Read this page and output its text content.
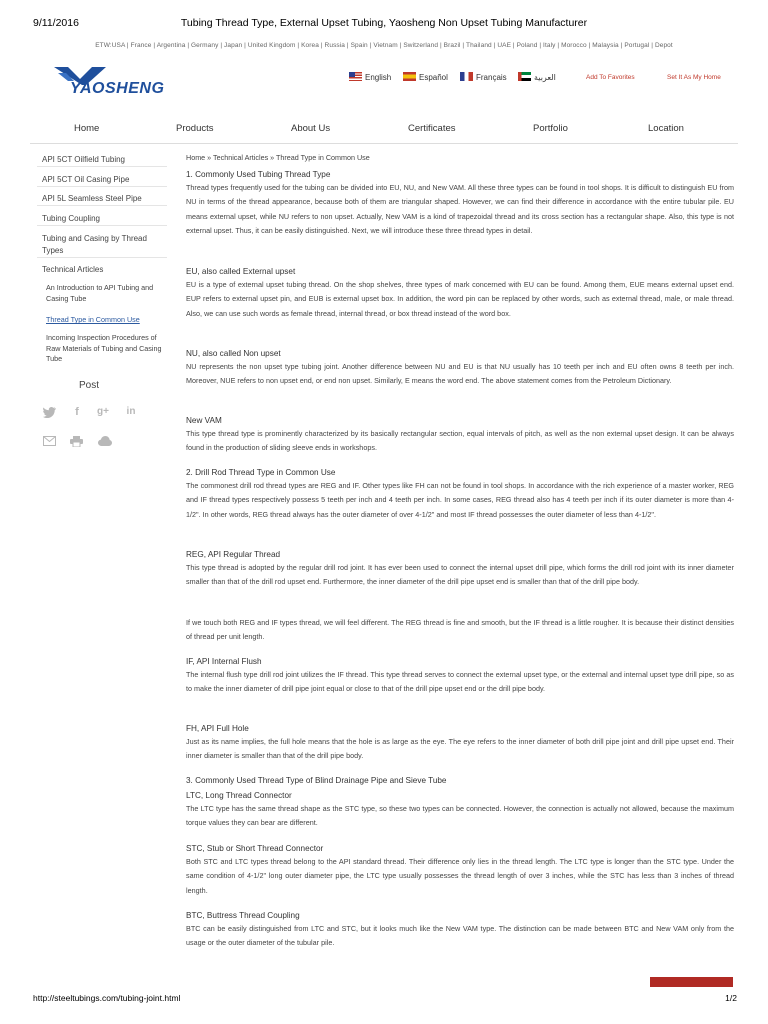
9/11/2016	Tubing Thread Type, External Upset Tubing, Yaosheng Non Upset Tubing Manufacturer
ETW:USA | France | Argentina | Germany | Japan | United Kingdom | Korea | Russia | Spain | Vietnam | Switzerland | Brazil | Thailand | UAE | Poland | Italy | Morocco | Malaysia | Portugal | Depot
YAOSHENG
English	Español	Français	العربية	Add To Favorites	Set It As My Home
Home	Products	About Us	Certificates	Portfolio	Location
API 5CT Oilfield Tubing
API 5CT Oil Casing Pipe
API 5L Seamless Steel Pipe
Tubing Coupling
Tubing and Casing by Thread Types
Technical Articles
An Introduction to API Tubing and Casing Tube
Thread Type in Common Use
Incoming Inspection Procedures of Raw Materials of Tubing and Casing Tube
Post
f	g+ in
Home » Technical Articles » Thread Type in Common Use
1. Commonly Used Tubing Thread Type
Thread types frequently used for the tubing can be divided into EU, NU, and New VAM. All these three types can be found in tool shops. It is difficult to distinguish EU from NU in terms of the thread appearance, because both of them are triangular shaped. However, we can find their difference in accordance with the entire tubular pile. EU means external upset, while NU refers to non upset. Actually, New VAM is a kind of trapezoidal thread and its cross section has a rectangular shape. Also, this type is not external upset. Thus, it can be easily distinguished. Next, we will introduce these three thread types in detail.
EU, also called External upset
EU is a type of external upset tubing thread. On the shop shelves, three types of mark concerned with EU can be found. Among them, EUE means external upset end. EUP refers to external upset pin, and EUB is external upset box. In addition, the word pin can be replaced by other words, such as external thread, male, or male thread. Also, we can use such words as female thread, internal thread, or box thread instead of the word box.
NU, also called Non upset
NU represents the non upset type tubing joint. Another difference between NU and EU is that NU usually has 10 teeth per inch and EU often owns 8 teeth per inch. Moreover, NUE refers to non upset end, or end non upset. Similarly, E means the word end. The above statement comes from the Petroleum Dictionary.
New VAM
This type thread type is prominently characterized by its basically rectangular section, equal intervals of pitch, as well as the non external upset design. It can be always found in the production of sliding sleeve ends in workshops.
2. Drill Rod Thread Type in Common Use
The commonest drill rod thread types are REG and IF. Other types like FH can not be found in tool shops. In accordance with the rich experience of a master worker, REG and IF thread types respectively possess 5 teeth per inch and 4 teeth per inch. In some cases, REG thread also has 4 teeth per inch if its outer diameter is more than 4-1/2". In other words, REG thread always has the outer diameter of over 4-1/2" and most IF thread possesses the outer diameter of less than 4-1/2".
REG, API Regular Thread
This type thread is adopted by the regular drill rod joint. It has ever been used to connect the internal upset drill pipe, which forms the drill rod joint with its inner diameter smaller than that of the drill rod upset end. Furthermore, the inner diameter of the drill pipe upset end is smaller than that of the drill pipe body.
If we touch both REG and IF types thread, we will feel different. The REG thread is fine and smooth, but the IF thread is a little rougher. It is because their distinct densities of thread per unit length.
IF, API Internal Flush
The internal flush type drill rod joint utilizes the IF thread. This type thread serves to connect the external upset type, or the external and internal upset type drill pipe, so as to make the inner diameter of drill pipe joint equal or close to that of the drill pipe upset end or the drill pipe body.
FH, API Full Hole
Just as its name implies, the full hole means that the hole is as large as the eye. The eye refers to the inner diameter of both drill pipe joint and drill pipe upset end. Their inner diameter is smaller than that of the drill pipe body.
3. Commonly Used Thread Type of Blind Drainage Pipe and Sieve Tube
LTC, Long Thread Connector
The LTC type has the same thread shape as the STC type, so these two types can be connected. However, the connection is actually not allowed, because the maximum torque values they can bear are different.
STC, Stub or Short Thread Connector
Both STC and LTC types thread belong to the API standard thread. Their difference only lies in the thread length. The LTC type is longer than the STC type. Under the same condition of 4-1/2" long outer diameter pipe, the LTC type usually possesses the thread length of over 3 inches, while the STC has less than 3 inches of thread length.
BTC, Buttress Thread Coupling
BTC can be easily distinguished from LTC and STC, but it looks much like the New VAM type. The distinction can be made between BTC and New VAM only from the usage or the outer diameter of the tubular pile.
http://steeltubings.com/tubing-joint.html	1/2
